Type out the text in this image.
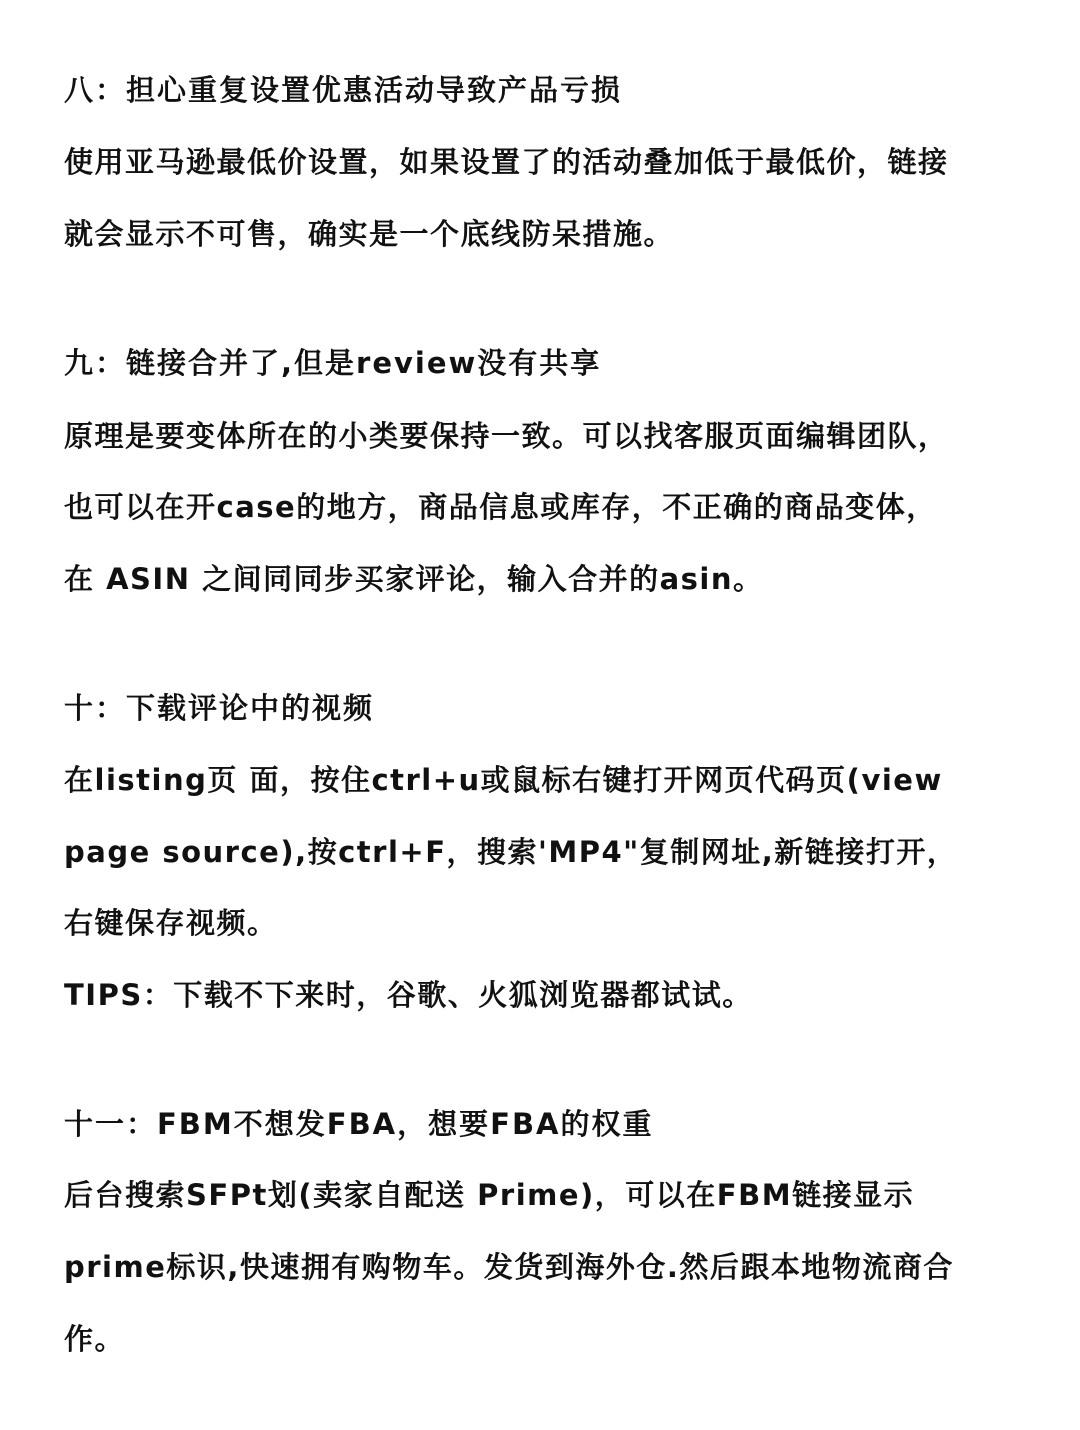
八：担心重复设置优惠活动导致产品亏损
使用亚马逊最低价设置，如果设置了的活动叠加低于最低价，链接
就会显示不可售，确实是一个底线防呆措施。
九：链接合并了,但是review没有共享
原理是要变体所在的小类要保持一致。可以找客服页面编辑团队，
也可以在开case的地方，商品信息或库存，不正确的商品变体，
在 ASIN 之间同同步买家评论，输入合并的asin。
十：下载评论中的视频
在listing页 面，按住ctrl+u或鼠标右键打开网页代码页(view
page source),按ctrl+F，搜索'MP4"复制网址,新链接打开，
右键保存视频。
TIPS：下载不下来时，谷歌、火狐浏览器都试试。
十一：FBM不想发FBA，想要FBA的权重
后台搜索SFPt划(卖家自配送 Prime)，可以在FBM链接显示
prime标识,快速拥有购物车。发货到海外仓.然后跟本地物流商合
作。
